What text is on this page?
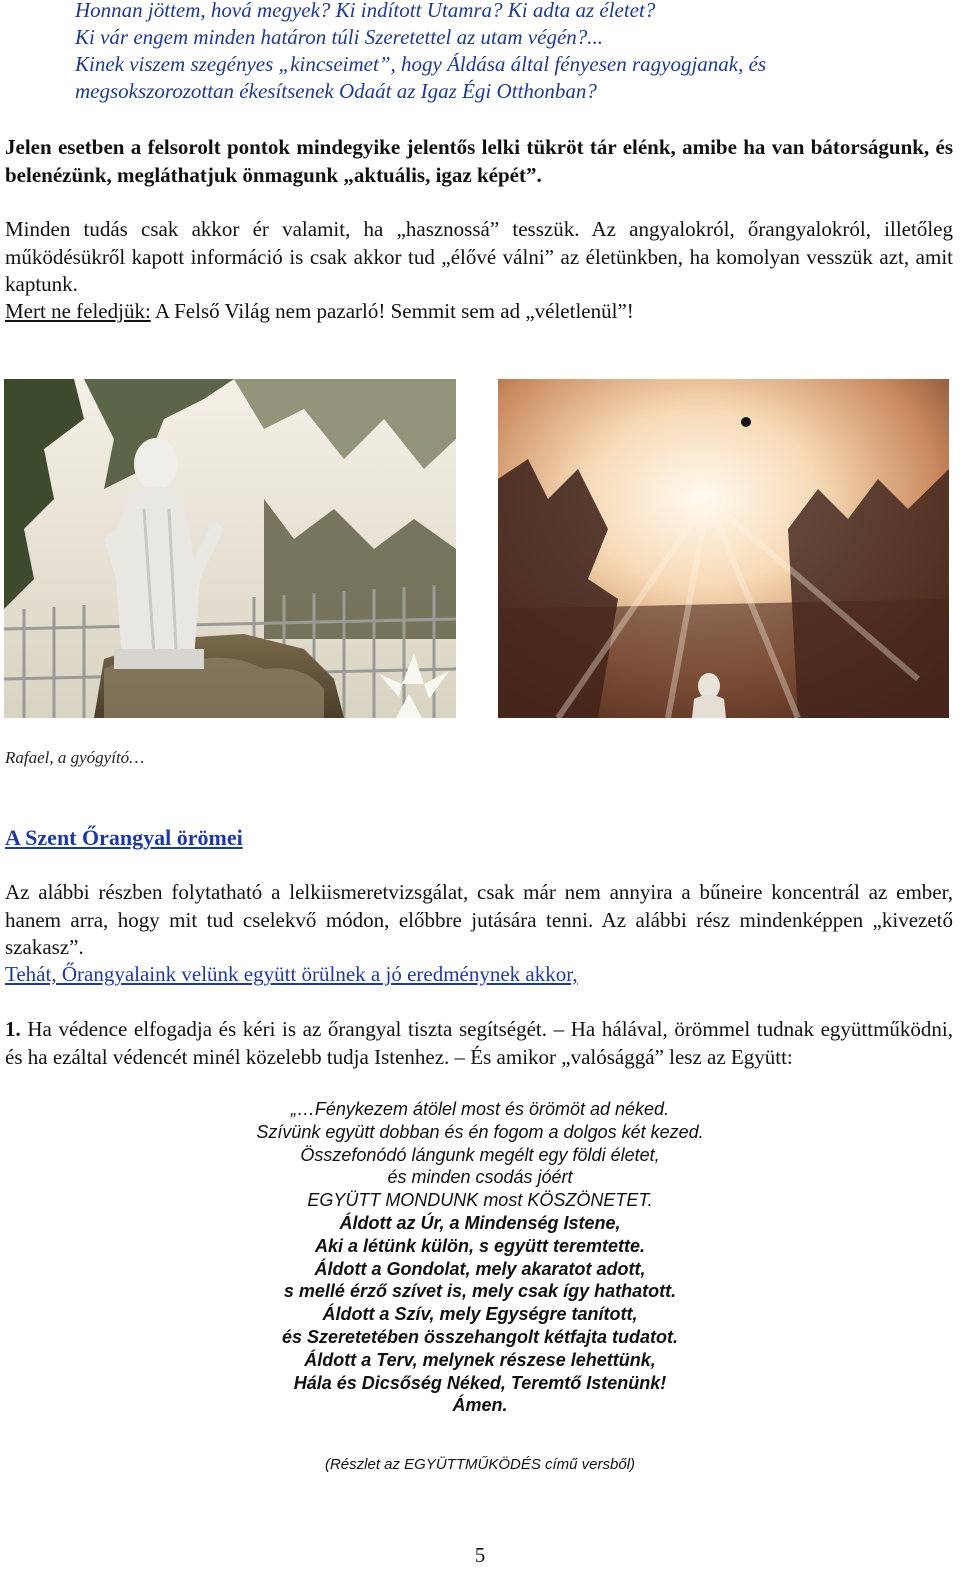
Honnan jöttem, hová megyek? Ki indított Utamra? Ki adta az életet?
Ki vár engem minden határon túli Szeretettel az utam végén?...
Kinek viszem szegényes „kincseimet”, hogy Áldása által fényesen ragyogjanak, és
megsokszorozottan ékesítsenek Odaát az Igaz Égi Otthonban?
Jelen esetben a felsorolt pontok mindegyike jelentős lelki tükröt tár elénk, amibe ha van bátorságunk, és belenézünk, megláthatjuk önmagunk „aktuális, igaz képét”.
Minden tudás csak akkor ér valamit, ha „hasznossá” tesszük. Az angyalokról, őrangyalokról, illetőleg működésükről kapott információ is csak akkor tud „élővé válni” az életünkben, ha komolyan vesszük azt, amit kaptunk.
Mert ne feledjük: A Felső Világ nem pazarló! Semmit sem ad „véletlenül”!
Rafael, a gyógyító…
A Szent Őrangyal örömei
Az alábbi részben folytatható a lelkiismeretvizsgálat, csak már nem annyira a bűneire koncentrál az ember, hanem arra, hogy mit tud cselekvő módon, előbbre jutására tenni. Az alábbi rész mindenképpen „kivezető szakasz”.
Tehát, Őrangyalaink velünk együtt örülnek a jó eredménynek akkor,
1. Ha védence elfogadja és kéri is az őrangyal tiszta segítségét. – Ha hálával, örömmel tudnak együttműködni, és ha ezáltal védencét minél közelebb tudja Istenhez. – És amikor „valósággá” lesz az Együtt:
„…Fénykezem átölel most és örömöt ad néked.
Szívünk együtt dobban és én fogom a dolgos két kezed.
Összefonódó lángunk megélt egy földi életet,
és minden csodás jóért
EGYÜTT MONDUNK most KÖSZÖNETET.
Áldott az Úr, a Mindenség Istene,
Aki a létünk külön, s együtt teremtette.
Áldott a Gondolat, mely akaratot adott,
s mellé érző szívet is, mely csak így hathatott.
Áldott a Szív, mely Egységre tanított,
és Szeretetében összehangolt kétfajta tudatot.
Áldott a Terv, melynek részese lehettünk,
Hála és Dicsőség Néked, Teremtő Istenünk!
Ámen.
(Részlet az EGYÜTTMŰKÖDÉS című versből)
5
